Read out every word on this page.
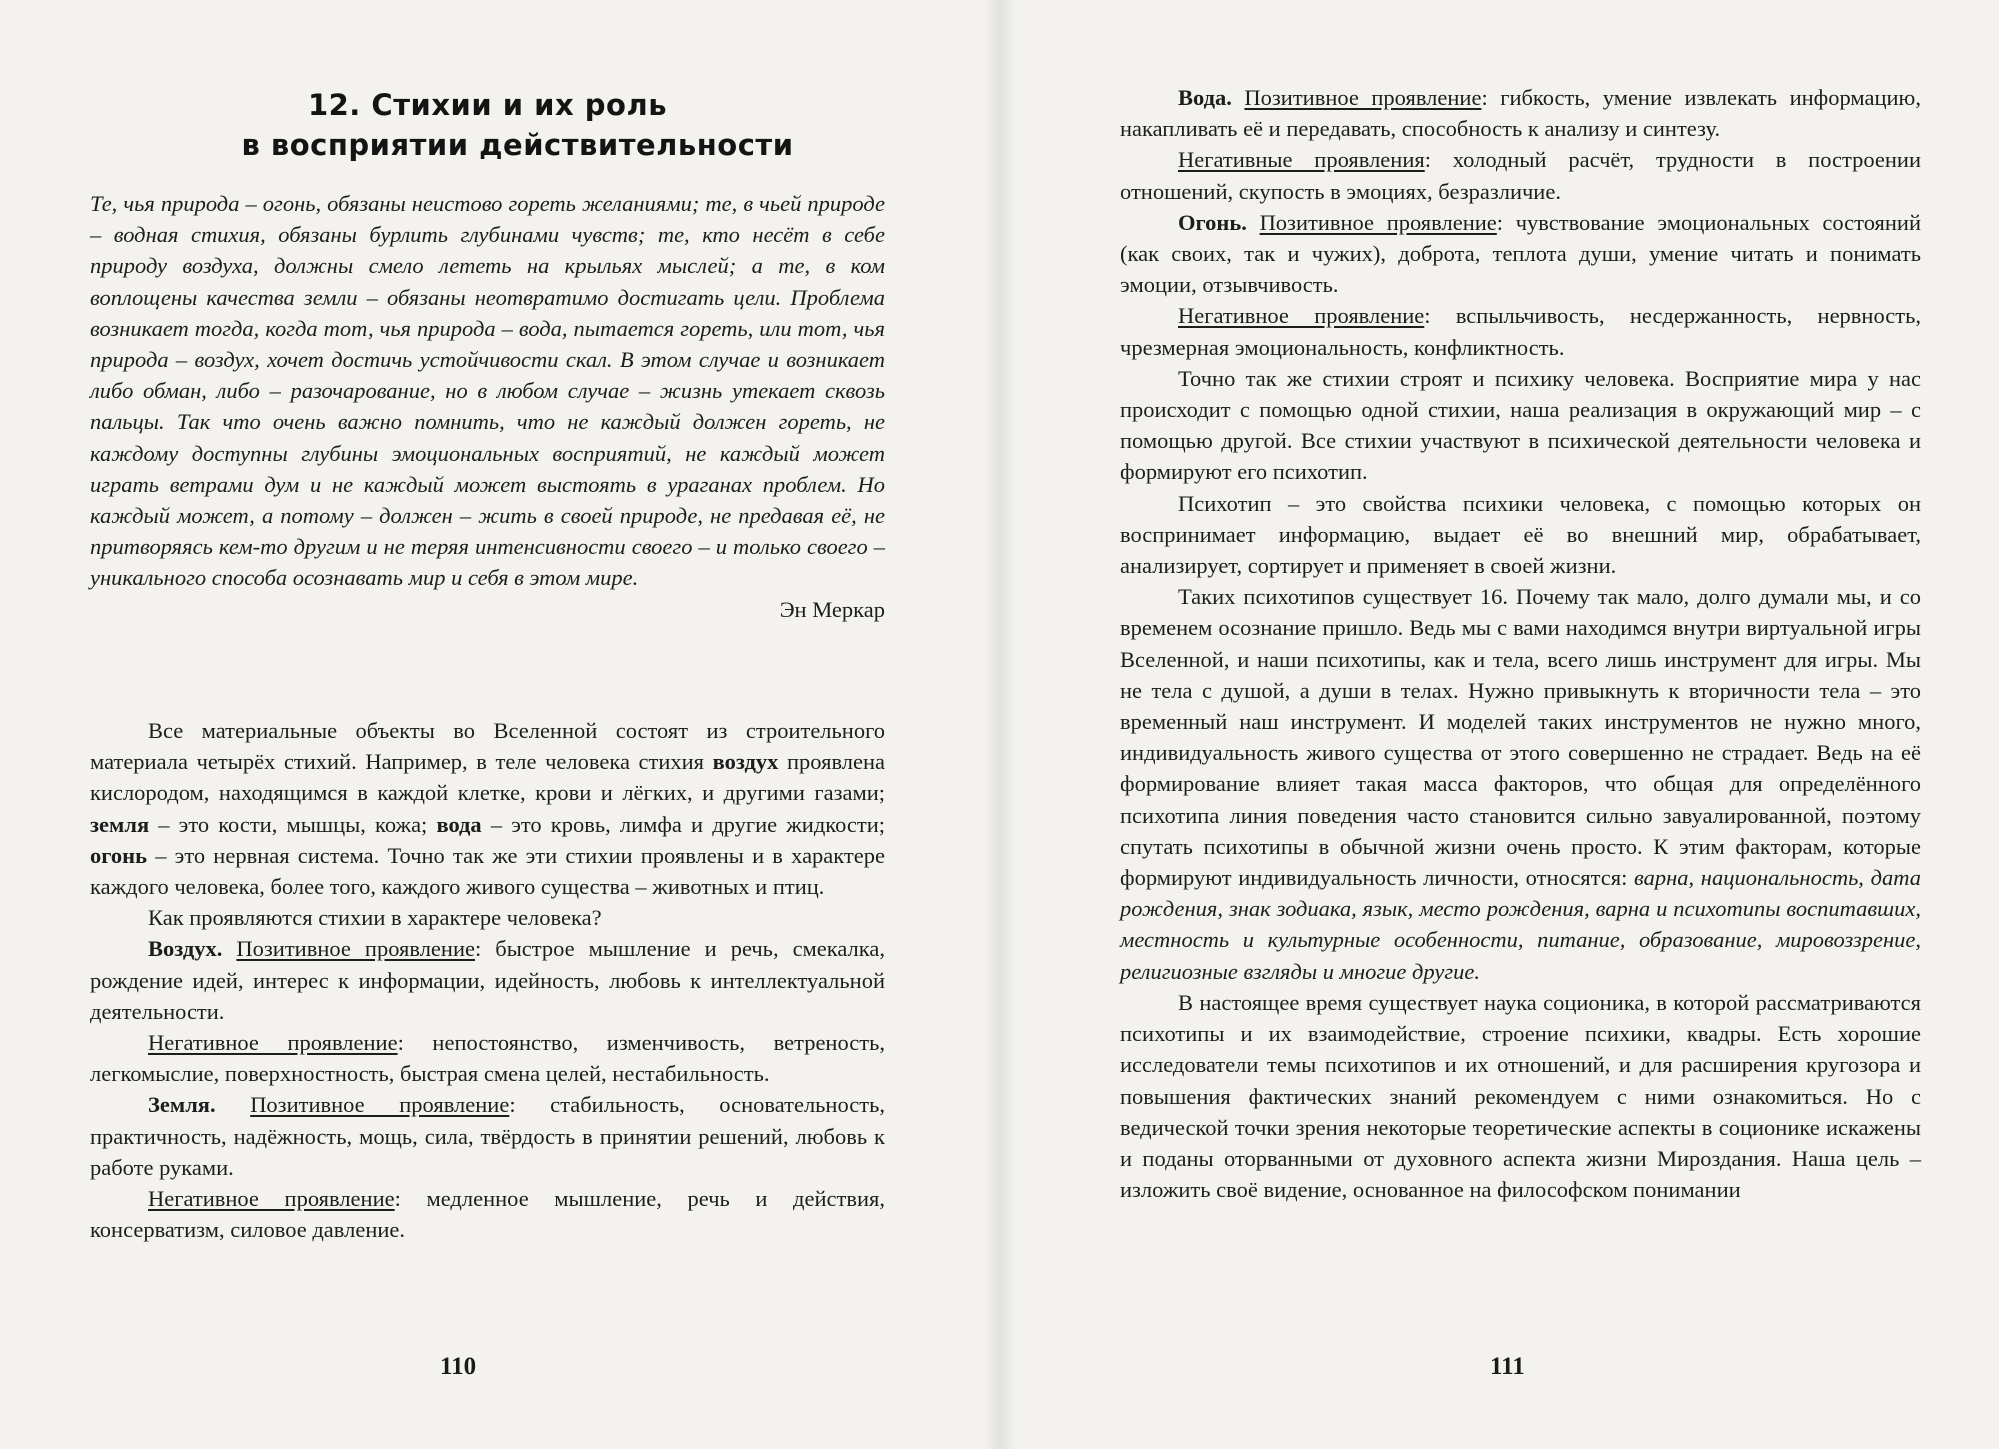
12. Стихии и их роль
в восприятии действительности
Те, чья природа – огонь, обязаны неистово гореть желаниями; те, в чьей природе – водная стихия, обязаны бурлить глубинами чувств; те, кто несёт в себе природу воздуха, должны смело лететь на крыльях мыслей; а те, в ком воплощены качества земли – обязаны неотвратимо достигать цели. Проблема возникает тогда, когда тот, чья природа – вода, пытается гореть, или тот, чья природа – воздух, хочет достичь устойчивости скал. В этом случае и возникает либо обман, либо – разочарование, но в любом случае – жизнь утекает сквозь пальцы. Так что очень важно помнить, что не каждый должен гореть, не каждому доступны глубины эмоциональных восприятий, не каждый может играть ветрами дум и не каждый может выстоять в ураганах проблем. Но каждый может, а потому – должен – жить в своей природе, не предавая её, не притворяясь кем-то другим и не теряя интенсивности своего – и только своего – уникального способа осознавать мир и себя в этом мире.
Эн Меркар

Все материальные объекты во Вселенной состоят из строительного материала четырёх стихий. Например, в теле человека стихия воздух проявлена кислородом, находящимся в каждой клетке, крови и лёгких, и другими газами; земля – это кости, мышцы, кожа; вода – это кровь, лимфа и другие жидкости; огонь – это нервная система. Точно так же эти стихии проявлены и в характере каждого человека, более того, каждого живого существа – животных и птиц.

Как проявляются стихии в характере человека?

Воздух. Позитивное проявление: быстрое мышление и речь, смекалка, рождение идей, интерес к информации, идейность, любовь к интеллектуальной деятельности.

Негативное проявление: непостоянство, изменчивость, ветреность, легкомыслие, поверхностность, быстрая смена целей, нестабильность.

Земля. Позитивное проявление: стабильность, основательность, практичность, надёжность, мощь, сила, твёрдость в принятии решений, любовь к работе руками.

Негативное проявление: медленное мышление, речь и действия, консерватизм, силовое давление.

110

Вода. Позитивное проявление: гибкость, умение извлекать информацию, накапливать её и передавать, способность к анализу и синтезу.

Негативные проявления: холодный расчёт, трудности в построении отношений, скупость в эмоциях, безразличие.

Огонь. Позитивное проявление: чувствование эмоциональных состояний (как своих, так и чужих), доброта, теплота души, умение читать и понимать эмоции, отзывчивость.

Негативное проявление: вспыльчивость, несдержанность, нервность, чрезмерная эмоциональность, конфликтность.

Точно так же стихии строят и психику человека. Восприятие мира у нас происходит с помощью одной стихии, наша реализация в окружающий мир – с помощью другой. Все стихии участвуют в психической деятельности человека и формируют его психотип.

Психотип – это свойства психики человека, с помощью которых он воспринимает информацию, выдает её во внешний мир, обрабатывает, анализирует, сортирует и применяет в своей жизни.

Таких психотипов существует 16. Почему так мало, долго думали мы, и со временем осознание пришло. Ведь мы с вами находимся внутри виртуальной игры Вселенной, и наши психотипы, как и тела, всего лишь инструмент для игры. Мы не тела с душой, а души в телах. Нужно привыкнуть к вторичности тела – это временный наш инструмент. И моделей таких инструментов не нужно много, индивидуальность живого существа от этого совершенно не страдает. Ведь на её формирование влияет такая масса факторов, что общая для определённого психотипа линия поведения часто становится сильно завуалированной, поэтому спутать психотипы в обычной жизни очень просто. К этим факторам, которые формируют индивидуальность личности, относятся: варна, национальность, дата рождения, знак зодиака, язык, место рождения, варна и психотипы воспитавших, местность и культурные особенности, питание, образование, мировоззрение, религиозные взгляды и многие другие.

В настоящее время существует наука соционика, в которой рассматриваются психотипы и их взаимодействие, строение психики, квадры. Есть хорошие исследователи темы психотипов и их отношений, и для расширения кругозора и повышения фактических знаний рекомендуем с ними ознакомиться. Но с ведической точки зрения некоторые теоретические аспекты в соционике искажены и поданы оторванными от духовного аспекта жизни Мироздания. Наша цель – изложить своё видение, основанное на философском понимании

111
